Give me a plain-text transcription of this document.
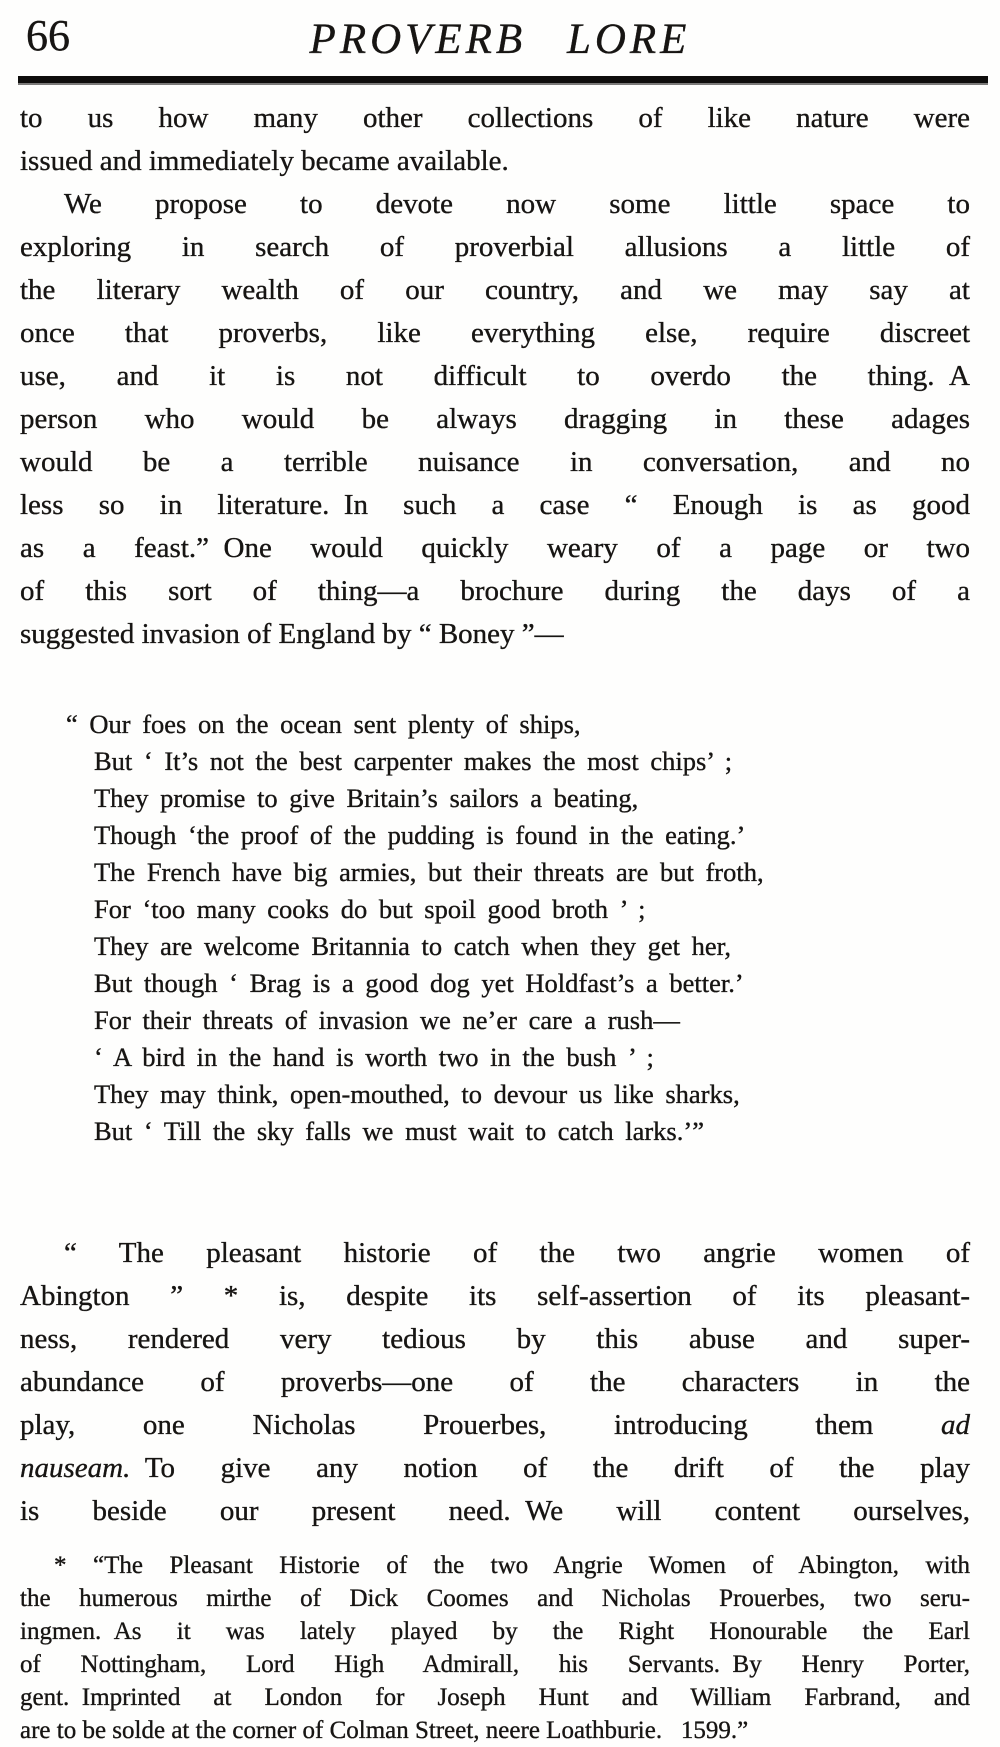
66	PROVERB LORE
to us how many other collections of like nature were
issued and immediately became available.
We propose to devote now some little space to
exploring in search of proverbial allusions a little of
the literary wealth of our country, and we may say at
once that proverbs, like everything else, require discreet
use, and it is not difficult to overdo the thing. A
person who would be always dragging in these adages
would be a terrible nuisance in conversation, and no
less so in literature. In such a case “ Enough is as good
as a feast.” One would quickly weary of a page or two
of this sort of thing—a brochure during the days of a
suggested invasion of England by “ Boney ”—
“ Our foes on the ocean sent plenty of ships,
But ‘ It’s not the best carpenter makes the most chips’ ;
They promise to give Britain’s sailors a beating,
Though ‘the proof of the pudding is found in the eating.’
The French have big armies, but their threats are but froth,
For ‘too many cooks do but spoil good broth ’ ;
They are welcome Britannia to catch when they get her,
But though ‘ Brag is a good dog yet Holdfast’s a better.’
For their threats of invasion we ne’er care a rush—
‘ A bird in the hand is worth two in the bush ’ ;
They may think, open-mouthed, to devour us like sharks,
But ‘ Till the sky falls we must wait to catch larks.’”
“ The pleasant historie of the two angrie women of
Abington ” * is, despite its self-assertion of its pleasant-
ness, rendered very tedious by this abuse and super-
abundance of proverbs—one of the characters in the
play, one Nicholas Prouerbes, introducing them ad
nauseam. To give any notion of the drift of the play
is beside our present need. We will content ourselves,
* “The Pleasant Historie of the two Angrie Women of Abington, with
the humerous mirthe of Dick Coomes and Nicholas Prouerbes, two seru-
ingmen. As it was lately played by the Right Honourable the Earl
of Nottingham, Lord High Admirall, his Servants. By Henry Porter,
gent. Imprinted at London for Joseph Hunt and William Farbrand, and
are to be solde at the corner of Colman Street, neere Loathburie.  1599.”
